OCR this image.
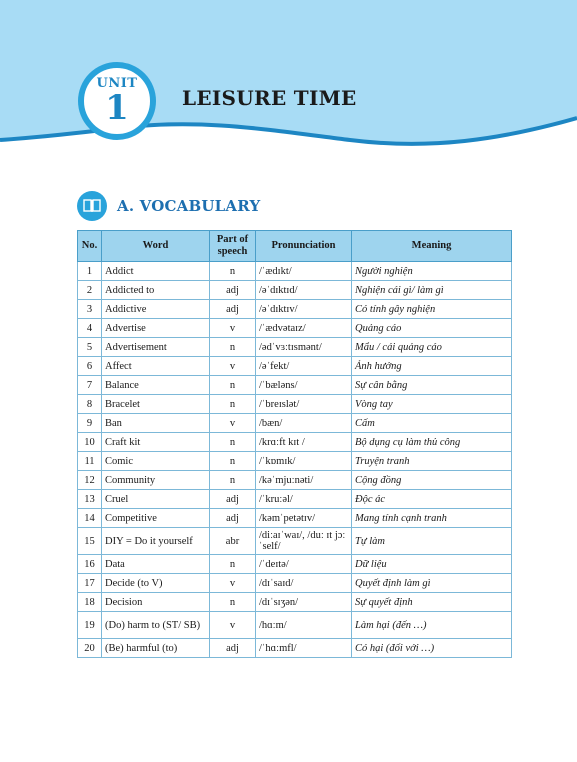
UNIT
1	LEISURE TIME
A. VOCABULARY
No.	Word	Part of speech	Pronunciation	Meaning
1	Addict	n	/ˈædɪkt/	Người nghiện
2	Addicted to	adj	/əˈdɪktɪd/	Nghiện cái gì/ làm gì
3	Addictive	adj	/əˈdɪktɪv/	Có tính gây nghiện
4	Advertise	v	/ˈædvətaɪz/	Quảng cáo
5	Advertisement	n	/ədˈvɜːtɪsmənt/	Mẩu / cái quảng cáo
6	Affect	v	/əˈfekt/	Ảnh hưởng
7	Balance	n	/ˈbæləns/	Sự cân bằng
8	Bracelet	n	/ˈbreɪslət/	Vòng tay
9	Ban	v	/bæn/	Cấm
10	Craft kit	n	/krɑːft kɪt /	Bộ dụng cụ làm thủ công
11	Comic	n	/ˈkɒmɪk/	Truyện tranh
12	Community	n	/kəˈmjuːnəti/	Cộng đồng
13	Cruel	adj	/ˈkruːəl/	Độc ác
14	Competitive	adj	/kəmˈpetətɪv/	Mang tính cạnh tranh
15	DIY = Do it yourself	abr	/diːaɪˈwaɪ/, /duː ɪt jɔːˈself/	Tự làm
16	Data	n	/ˈdeɪtə/	Dữ liệu
17	Decide (to V)	v	/dɪˈsaɪd/	Quyết định làm gì
18	Decision	n	/dɪˈsɪʒən/	Sự quyết định
19	(Do) harm to (ST/ SB)	v	/hɑːm/	Làm hại (đến …)
20	(Be) harmful (to)	adj	/ˈhɑːmfl/	Có hại (đối với …)
